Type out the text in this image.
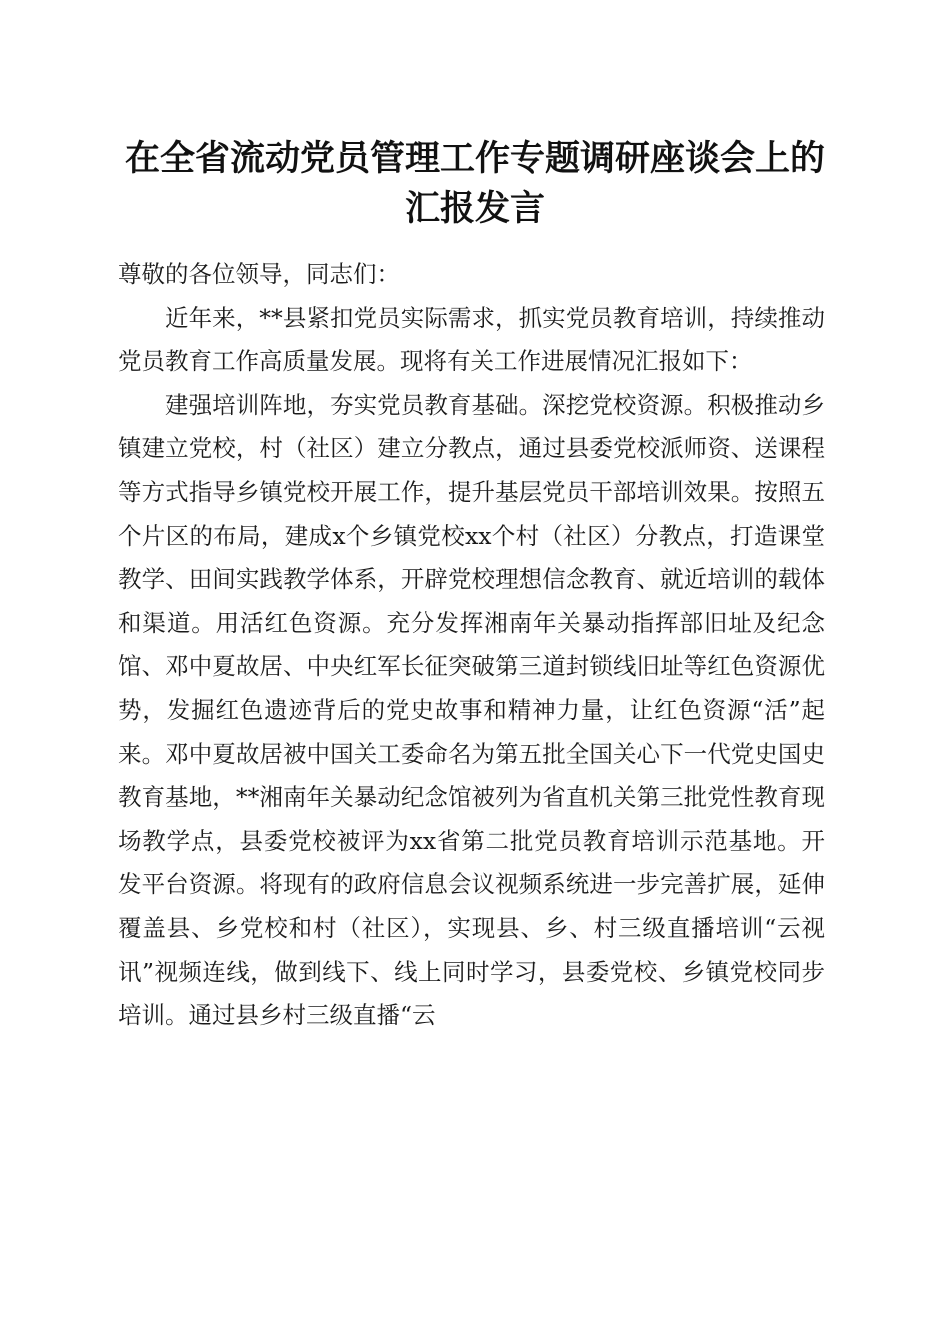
在全省流动党员管理工作专题调研座谈会上的
汇报发言

尊敬的各位领导，同志们：

近年来，**县紧扣党员实际需求，抓实党员教育培训，持续推动党员教育工作高质量发展。现将有关工作进展情况汇报如下：

建强培训阵地，夯实党员教育基础。深挖党校资源。积极推动乡镇建立党校，村（社区）建立分教点，通过县委党校派师资、送课程等方式指导乡镇党校开展工作，提升基层党员干部培训效果。按照五个片区的布局，建成x个乡镇党校xx个村（社区）分教点，打造课堂教学、田间实践教学体系，开辟党校理想信念教育、就近培训的载体和渠道。用活红色资源。充分发挥湘南年关暴动指挥部旧址及纪念馆、邓中夏故居、中央红军长征突破第三道封锁线旧址等红色资源优势，发掘红色遗迹背后的党史故事和精神力量，让红色资源“活”起来。邓中夏故居被中国关工委命名为第五批全国关心下一代党史国史教育基地，**湘南年关暴动纪念馆被列为省直机关第三批党性教育现场教学点，县委党校被评为xx省第二批党员教育培训示范基地。开发平台资源。将现有的政府信息会议视频系统进一步完善扩展，延伸覆盖县、乡党校和村（社区），实现县、乡、村三级直播培训“云视讯”视频连线，做到线下、线上同时学习，县委党校、乡镇党校同步培训。通过县乡村三级直播“云
